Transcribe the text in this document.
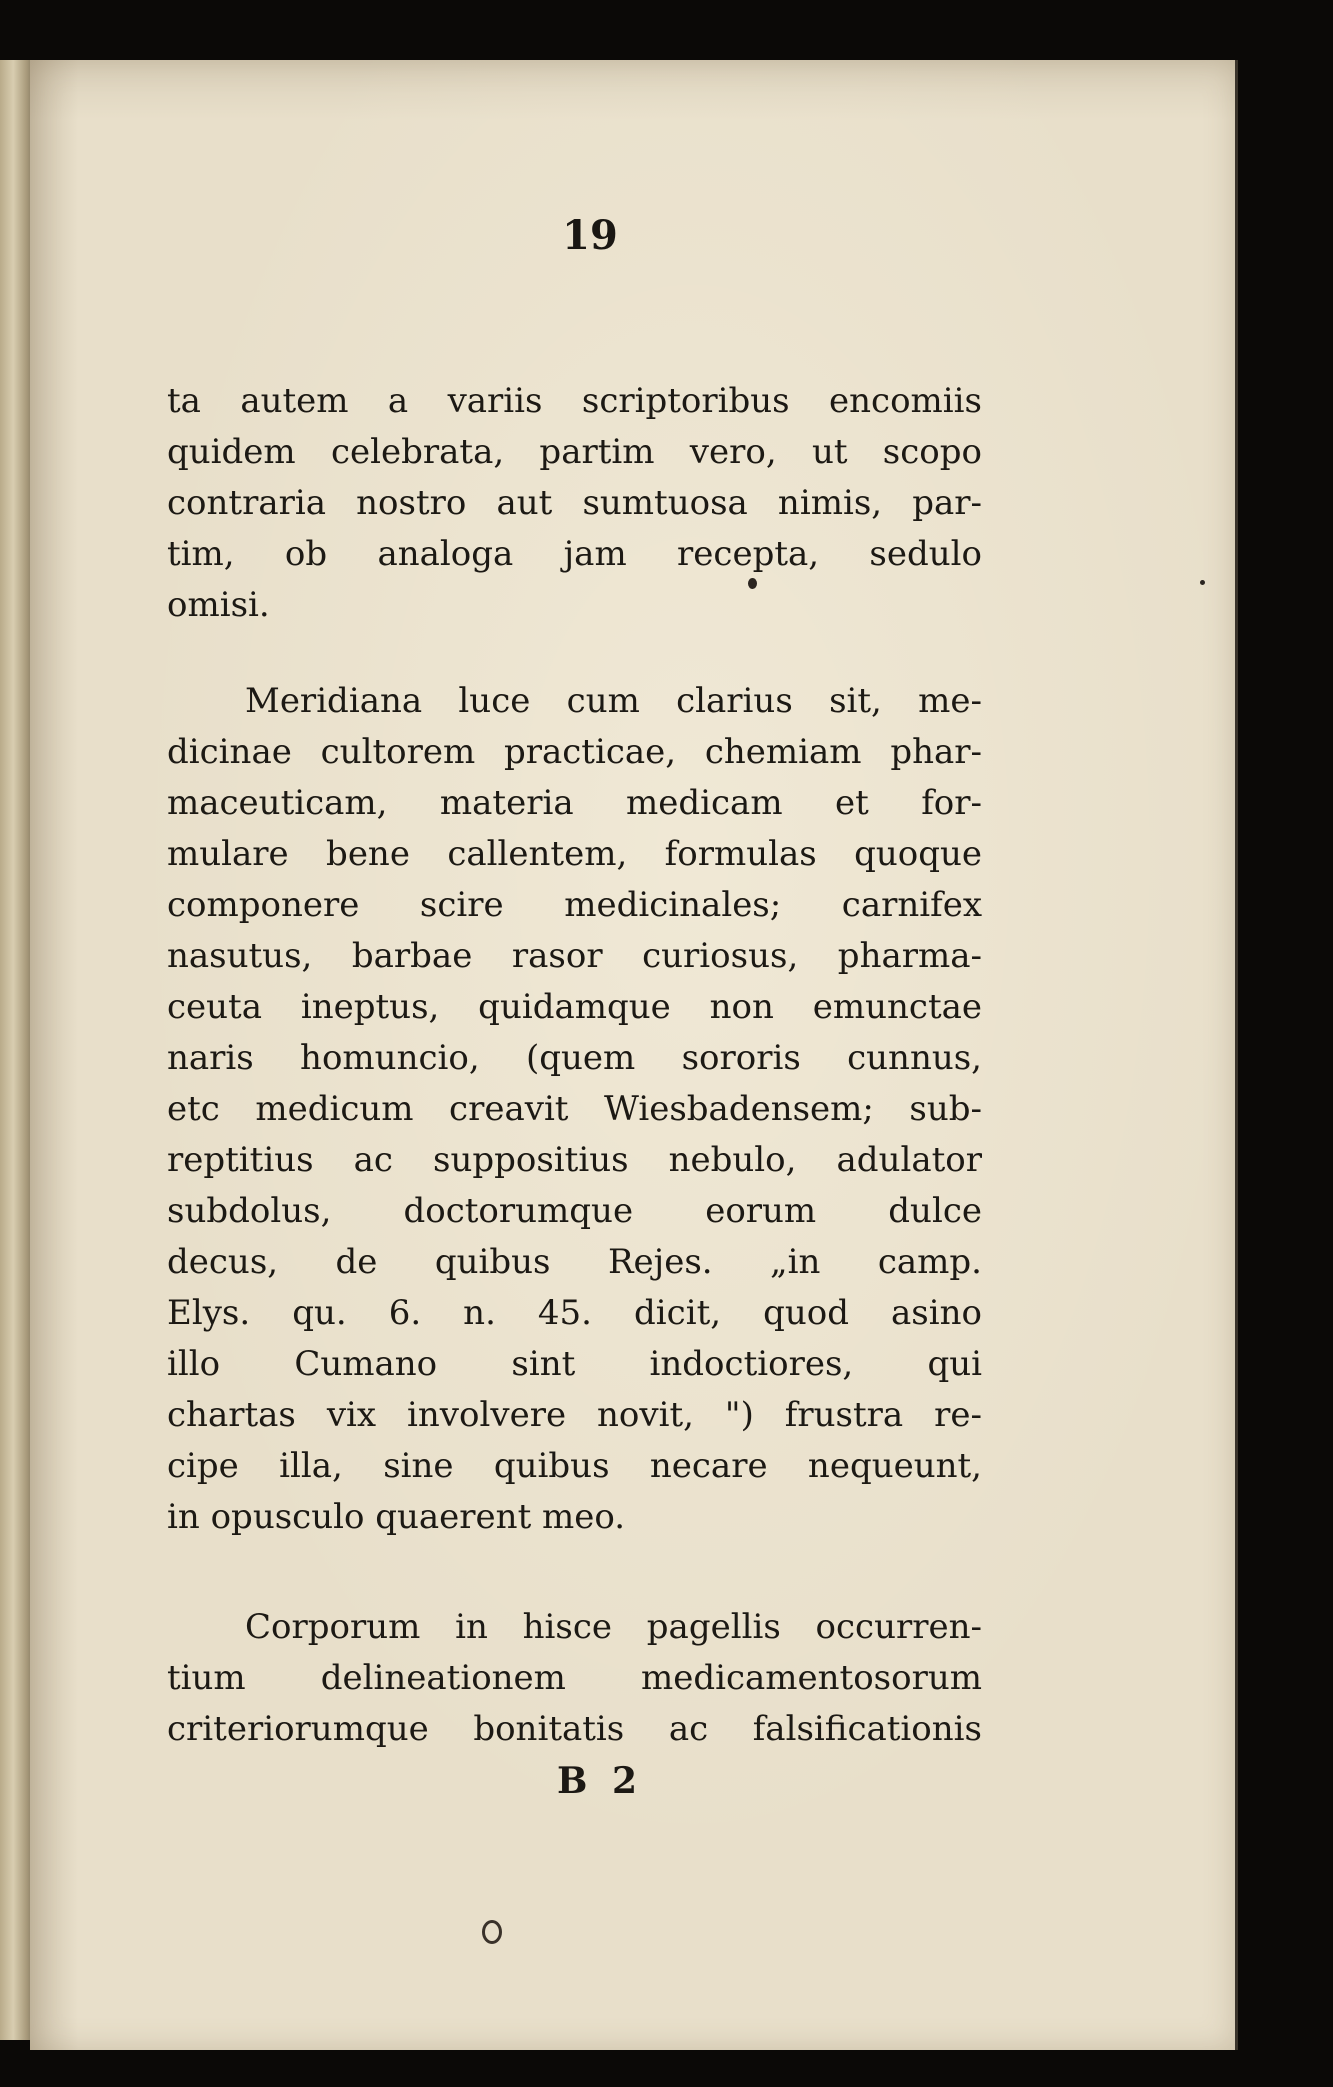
19
ta autem a variis scriptoribus encomiis
quidem celebrata, partim vero, ut scopo
contraria nostro aut sumtuosa nimis, par-
tim, ob analoga jam recepta, sedulo
omisi.
Meridiana luce cum clarius sit, me-
dicinae cultorem practicae, chemiam phar-
maceuticam, materia medicam et for-
mulare bene callentem, formulas quoque
componere scire medicinales; carnifex
nasutus, barbae rasor curiosus, pharma-
ceuta ineptus, quidamque non emunctae
naris homuncio, (quem sororis cunnus,
etc medicum creavit Wiesbadensem; sub-
reptitius ac suppositius nebulo, adulator
subdolus, doctorumque eorum dulce
decus, de quibus Rejes. „in camp.
Elys. qu. 6. n. 45. dicit, quod asino
illo Cumano sint indoctiores, qui
chartas vix involvere novit, ") frustra re-
cipe illa, sine quibus necare nequeunt,
in opusculo quaerent meo.
Corporum in hisce pagellis occurren-
tium delineationem medicamentosorum
criteriorumque bonitatis ac falsificationis
B 2
